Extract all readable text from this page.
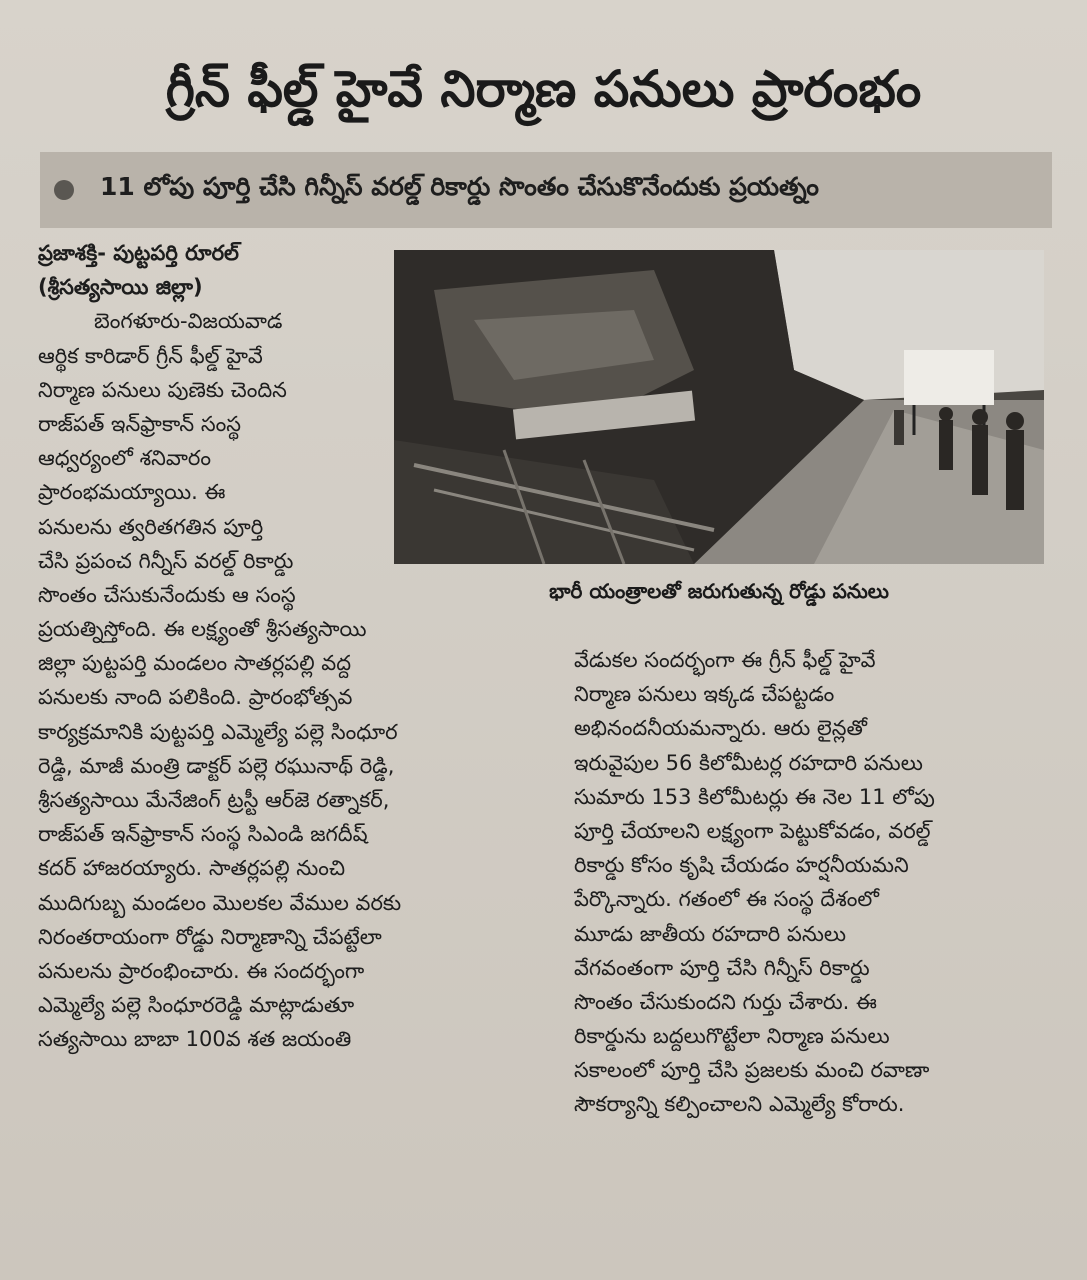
గ్రీన్ ఫీల్డ్ హైవే నిర్మాణ పనులు ప్రారంభం
11 లోపు పూర్తి చేసి గిన్నీస్ వరల్డ్ రికార్డు సొంతం చేసుకొనేందుకు ప్రయత్నం
ప్రజాశక్తి- పుట్టపర్తి రూరల్
(శ్రీసత్యసాయి జిల్లా)
బెంగళూరు-విజయవాడ
ఆర్థిక కారిడార్ గ్రీన్ ఫీల్డ్ హైవే
నిర్మాణ పనులు పుణెకు చెందిన
రాజ్‌పత్ ఇన్‌ఫ్రాకాన్ సంస్థ
ఆధ్వర్యంలో శనివారం
ప్రారంభమయ్యాయి. ఈ
పనులను త్వరితగతిన పూర్తి
చేసి ప్రపంచ గిన్నీస్ వరల్డ్ రికార్డు
సొంతం చేసుకునేందుకు ఆ సంస్థ
ప్రయత్నిస్తోంది. ఈ లక్ష్యంతో శ్రీసత్యసాయి
జిల్లా పుట్టపర్తి మండలం సాతర్లపల్లి వద్ద
పనులకు నాంది పలికింది. ప్రారంభోత్సవ
కార్యక్రమానికి పుట్టపర్తి ఎమ్మెల్యే పల్లె సింధూర
రెడ్డి, మాజీ మంత్రి డాక్టర్ పల్లె రఘునాథ్ రెడ్డి,
శ్రీసత్యసాయి మేనేజింగ్ ట్రస్టీ ఆర్‌జె రత్నాకర్,
రాజ్‌పత్ ఇన్‌ఫ్రాకాన్ సంస్థ సిఎండి జగదీష్
కదర్ హాజరయ్యారు. సాతర్లపల్లి నుంచి
ముదిగుబ్బ మండలం మొలకల వేముల వరకు
నిరంతరాయంగా రోడ్డు నిర్మాణాన్ని చేపట్టేలా
పనులను ప్రారంభించారు. ఈ సందర్భంగా
ఎమ్మెల్యే పల్లె సింధూరరెడ్డి మాట్లాడుతూ
సత్యసాయి బాబా 100వ శత జయంతి
భారీ యంత్రాలతో జరుగుతున్న రోడ్డు పనులు
వేడుకల సందర్భంగా ఈ గ్రీన్ ఫీల్డ్ హైవే
నిర్మాణ పనులు ఇక్కడ చేపట్టడం
అభినందనీయమన్నారు. ఆరు లైన్లతో
ఇరువైపుల 56 కిలోమీటర్ల రహదారి పనులు
సుమారు 153 కిలోమీటర్లు ఈ నెల 11 లోపు
పూర్తి చేయాలని లక్ష్యంగా పెట్టుకోవడం, వరల్డ్
రికార్డు కోసం కృషి చేయడం హర్షనీయమని
పేర్కొన్నారు. గతంలో ఈ సంస్థ దేశంలో
మూడు జాతీయ రహదారి పనులు
వేగవంతంగా పూర్తి చేసి గిన్నీస్ రికార్డు
సొంతం చేసుకుందని గుర్తు చేశారు. ఈ
రికార్డును బద్దలుగొట్టేలా నిర్మాణ పనులు
సకాలంలో పూర్తి చేసి ప్రజలకు మంచి రవాణా
సౌకర్యాన్ని కల్పించాలని ఎమ్మెల్యే కోరారు.
